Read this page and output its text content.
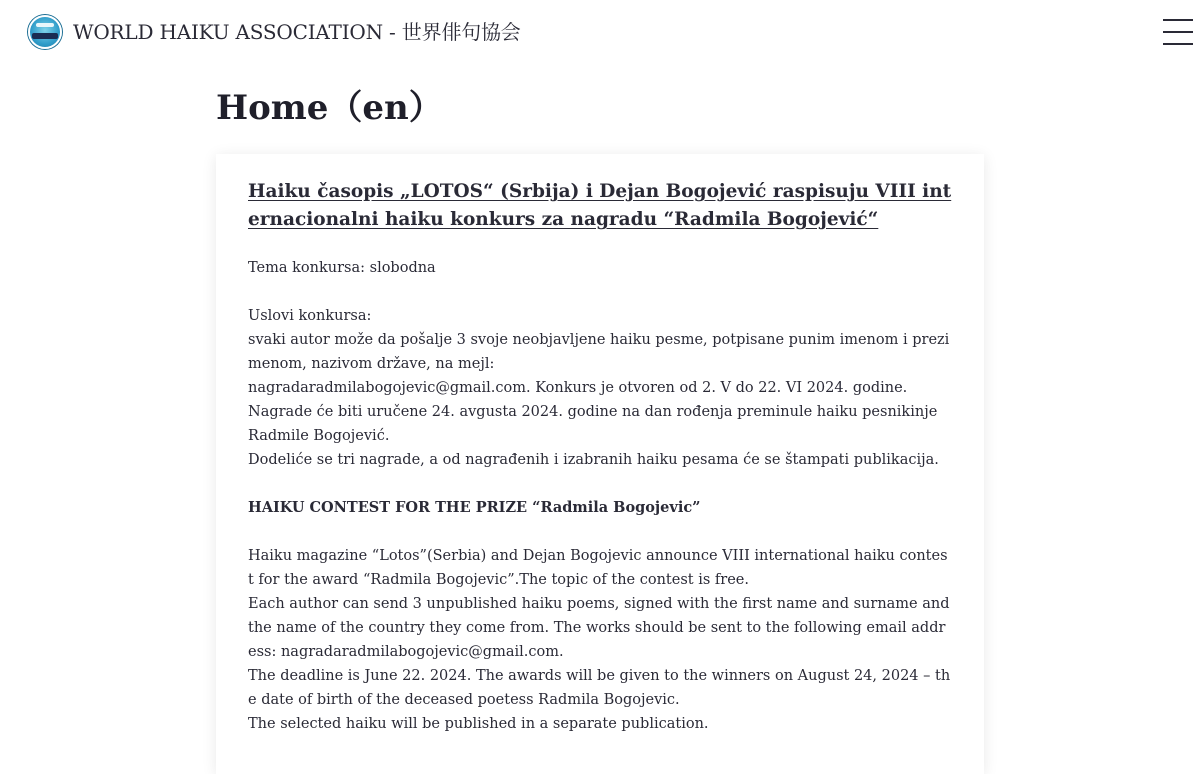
WORLD HAIKU ASSOCIATION - 世界俳句協会
Home（en）
Haiku časopis „LOTOS“ (Srbija) i Dejan Bogojević raspisuju VIII internacionalni haiku konkurs za nagradu “Radmila Bogojević“

Tema konkursa: slobodna

Uslovi konkursa:
svaki autor može da pošalje 3 svoje neobjavljene haiku pesme, potpisane punim imenom i prezimenom, nazivom države, na mejl:
nagradaradmilabogojevic@gmail.com. Konkurs je otvoren od 2. V do 22. VI 2024. godine.
Nagrade će biti uručene 24. avgusta 2024. godine na dan rođenja preminule haiku pesnikinje Radmile Bogojević.
Dodeliće se tri nagrade, a od nagrađenih i izabranih haiku pesama će se štampati publikacija.

HAIKU CONTEST FOR THE PRIZE “Radmila Bogojevic”

Haiku magazine “Lotos”(Serbia) and Dejan Bogojevic announce VIII international haiku contest for the award “Radmila Bogojevic”.The topic of the contest is free.
Each author can send 3 unpublished haiku poems, signed with the first name and surname and the name of the country they come from. The works should be sent to the following email address: nagradaradmilabogojevic@gmail.com.
The deadline is June 22. 2024. The awards will be given to the winners on August 24, 2024 – the date of birth of the deceased poetess Radmila Bogojevic.
The selected haiku will be published in a separate publication.
